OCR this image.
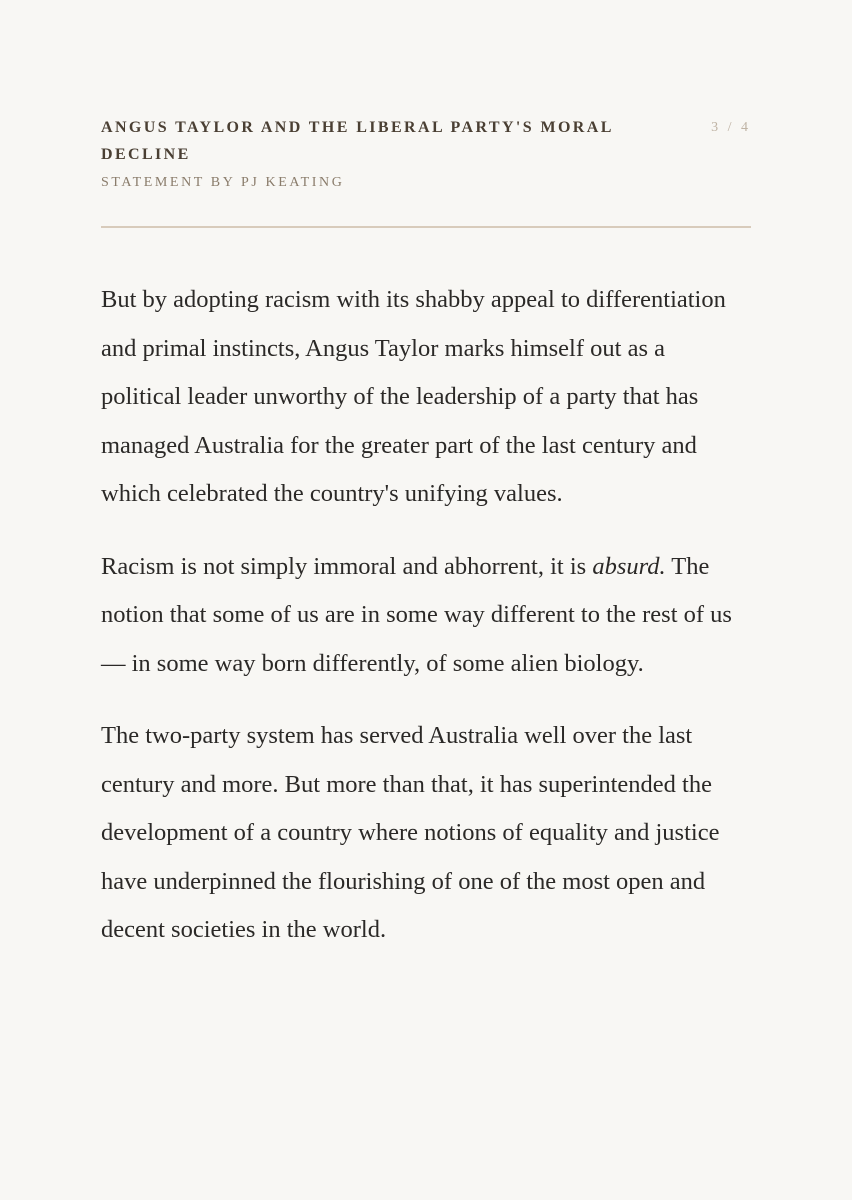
ANGUS TAYLOR AND THE LIBERAL PARTY'S MORAL DECLINE
3 / 4
STATEMENT BY PJ KEATING

But by adopting racism with its shabby appeal to differentiation and primal instincts, Angus Taylor marks himself out as a political leader unworthy of the leadership of a party that has managed Australia for the greater part of the last century and which celebrated the country's unifying values.

Racism is not simply immoral and abhorrent, it is absurd. The notion that some of us are in some way different to the rest of us — in some way born differently, of some alien biology.

The two-party system has served Australia well over the last century and more. But more than that, it has superintended the development of a country where notions of equality and justice have underpinned the flourishing of one of the most open and decent societies in the world.
